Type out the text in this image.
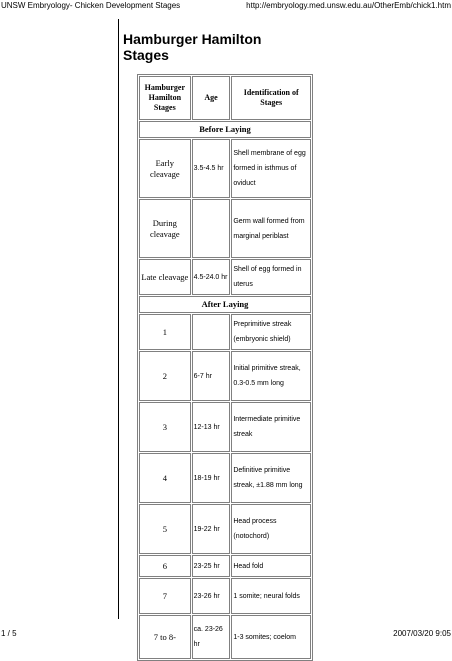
UNSW Embryology- Chicken Development Stages	http://embryology.med.unsw.edu.au/OtherEmb/chick1.htm
Hamburger Hamilton Stages
Hamburger Hamilton Stages	Age	Identification of Stages
Before Laying		
Early cleavage	3.5-4.5 hr	Shell membrane of egg formed in isthmus of oviduct
During cleavage		Germ wall formed from marginal periblast
Late cleavage	4.5-24.0 hr	Shell of egg formed in uterus
After Laying		
1		Preprimitive streak (embryonic shield)
2	6-7 hr	Initial primitive streak, 0.3-0.5 mm long
3	12-13 hr	Intermediate primitive streak
4	18-19 hr	Definitive primitive streak, ±1.88 mm long
5	19-22 hr	Head process (notochord)
6	23-25 hr	Head fold
7	23-26 hr	1 somite; neural folds
7 to 8-	ca. 23-26 hr	1-3 somites; coelom
1 / 5	2007/03/20 9:05
